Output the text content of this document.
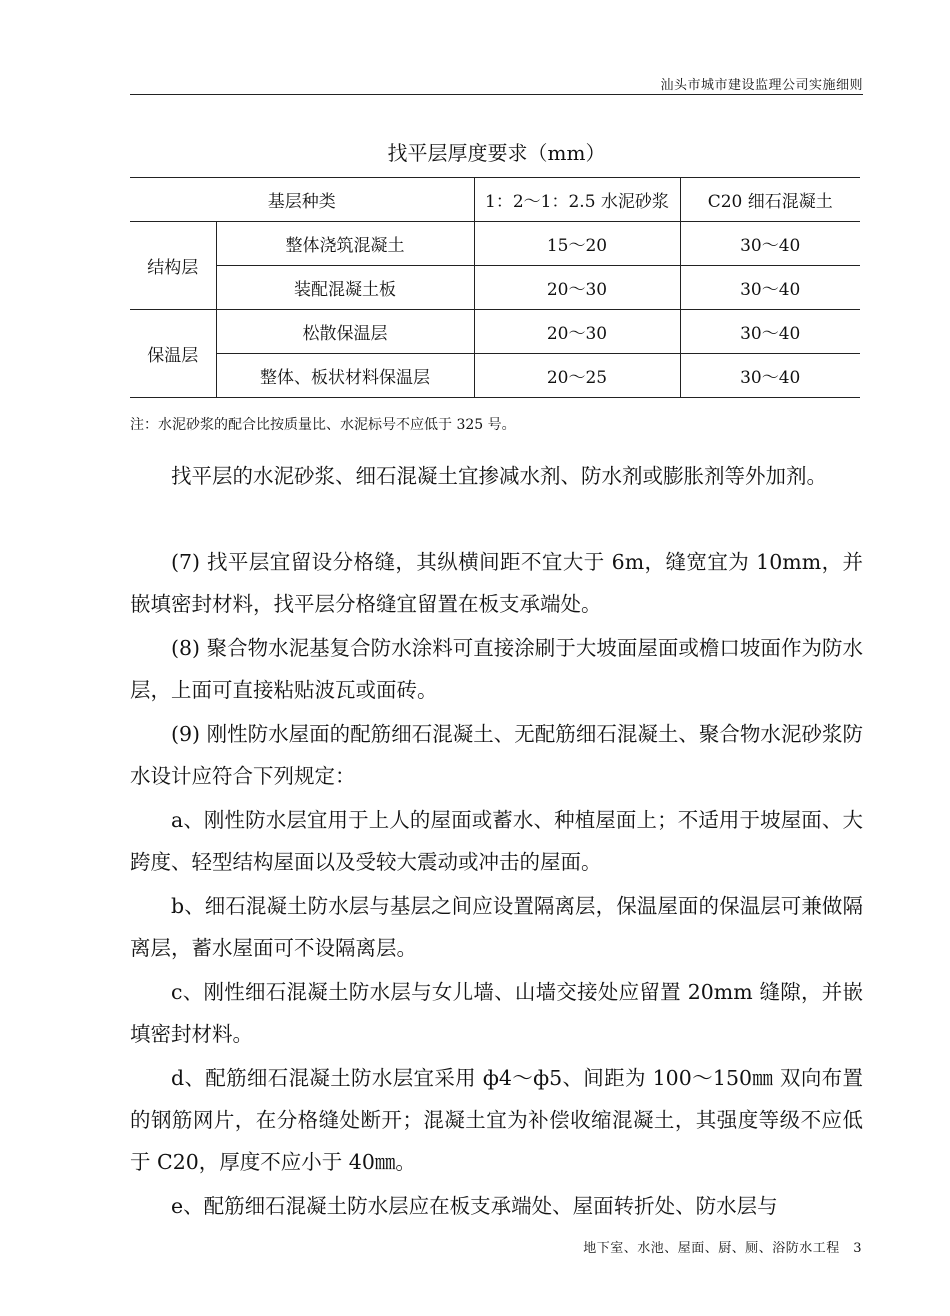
汕头市城市建设监理公司实施细则
找平层厚度要求（mm）
基层种类		1：2～1：2.5 水泥砂浆	C20 细石混凝土
结构层	整体浇筑混凝土	15～20	30～40
	装配混凝土板	20～30	30～40
保温层	松散保温层	20～30	30～40
	整体、板状材料保温层	20～25	30～40
注：水泥砂浆的配合比按质量比、水泥标号不应低于 325 号。

找平层的水泥砂浆、细石混凝土宜掺减水剂、防水剂或膨胀剂等外加剂。

(7) 找平层宜留设分格缝，其纵横间距不宜大于 6m，缝宽宜为 10mm，并嵌填密封材料，找平层分格缝宜留置在板支承端处。

(8) 聚合物水泥基复合防水涂料可直接涂刷于大坡面屋面或檐口坡面作为防水层，上面可直接粘贴波瓦或面砖。

(9) 刚性防水屋面的配筋细石混凝土、无配筋细石混凝土、聚合物水泥砂浆防水设计应符合下列规定：

a、刚性防水层宜用于上人的屋面或蓄水、种植屋面上；不适用于坡屋面、大跨度、轻型结构屋面以及受较大震动或冲击的屋面。

b、细石混凝土防水层与基层之间应设置隔离层，保温屋面的保温层可兼做隔离层，蓄水屋面可不设隔离层。

c、刚性细石混凝土防水层与女儿墙、山墙交接处应留置 20mm 缝隙，并嵌填密封材料。

d、配筋细石混凝土防水层宜采用 ф4～ф5、间距为 100～150㎜ 双向布置的钢筋网片，在分格缝处断开；混凝土宜为补偿收缩混凝土，其强度等级不应低于 C20，厚度不应小于 40㎜。

e、配筋细石混凝土防水层应在板支承端处、屋面转折处、防水层与

地下室、水池、屋面、厨、厕、浴防水工程　3
